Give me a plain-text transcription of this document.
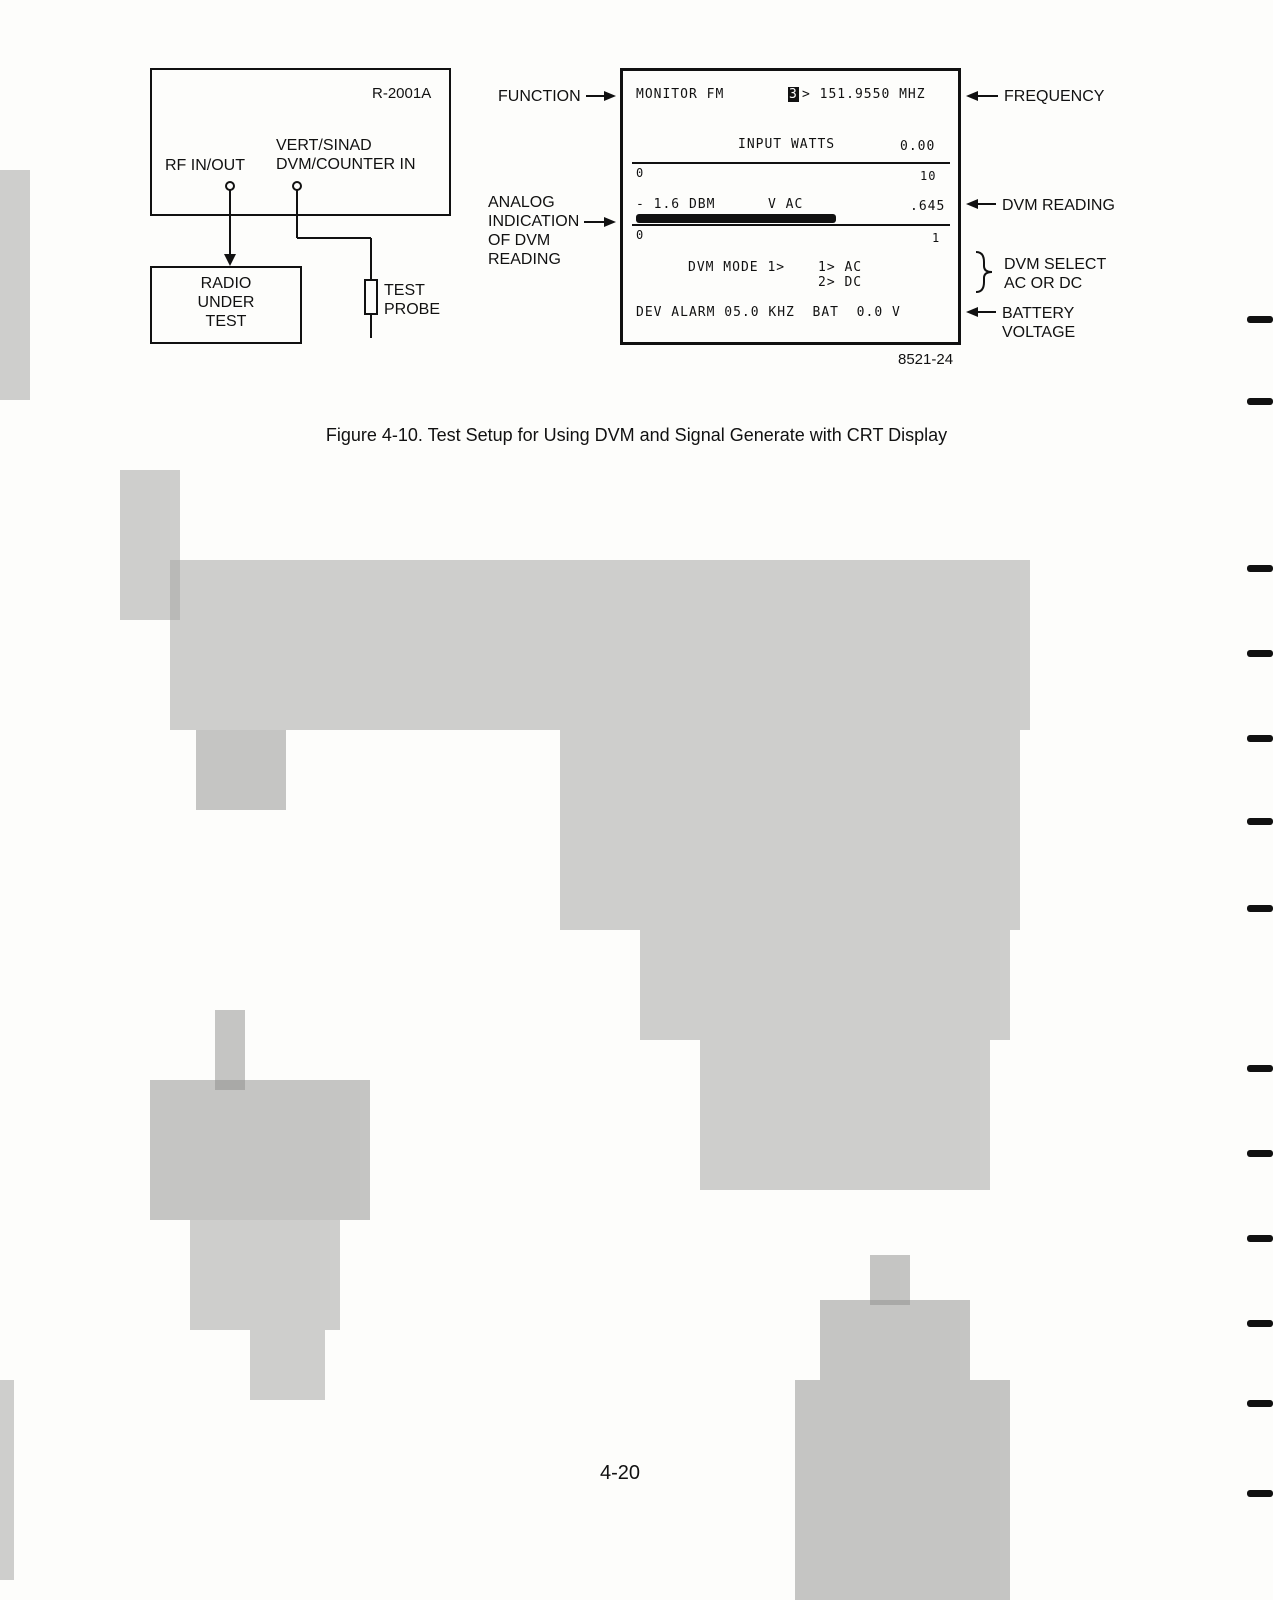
R-2001A
RF IN/OUT
VERT/SINAD
DVM/COUNTER IN
RADIO
UNDER
TEST
TEST
PROBE
MONITOR FM	3 > 151.9550 MHZ
INPUT WATTS	0.00
0	10
- 1.6 DBM	V AC	.645
0	1
DVM MODE 1>	1> AC
2> DC
DEV ALARM 05.0 KHZ  BAT  0.0 V
FUNCTION	FREQUENCY
ANALOG
INDICATION
OF DVM
READING
DVM READING
DVM SELECT
AC OR DC
BATTERY
VOLTAGE
8521-24
Figure 4-10. Test Setup for Using DVM and Signal Generate with CRT Display
4-20
